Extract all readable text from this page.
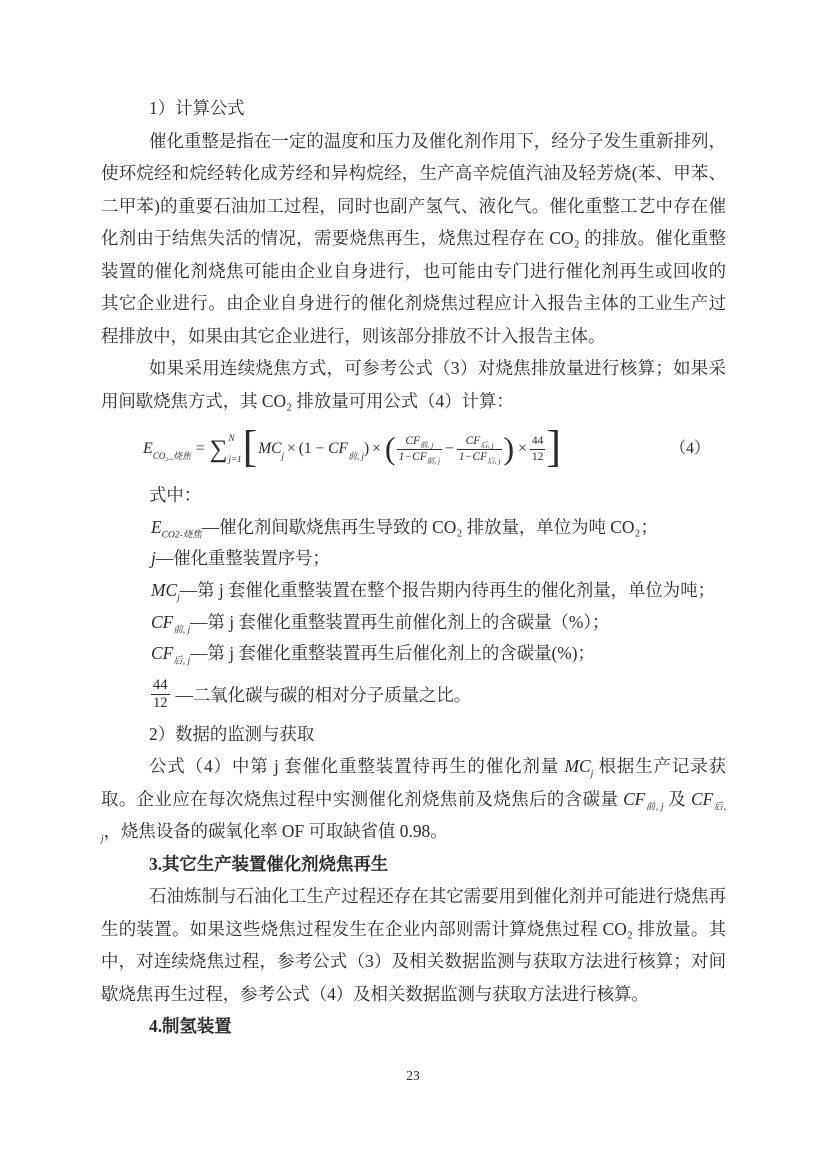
1）计算公式

催化重整是指在一定的温度和压力及催化剂作用下，经分子发生重新排列，使环烷经和烷经转化成芳经和异构烷经，生产高辛烷值汽油及轻芳烧(苯、甲苯、二甲苯)的重要石油加工过程，同时也副产氢气、液化气。催化重整工艺中存在催化剂由于结焦失活的情况，需要烧焦再生，烧焦过程存在 CO₂ 的排放。催化重整装置的催化剂烧焦可能由企业自身进行，也可能由专门进行催化剂再生或回收的其它企业进行。由企业自身进行的催化剂烧焦过程应计入报告主体的工业生产过程排放中，如果由其它企业进行，则该部分排放不计入报告主体。

如果采用连续烧焦方式，可参考公式（3）对烧焦排放量进行核算；如果采用间歇烧焦方式，其 CO₂ 排放量可用公式（4）计算：

$E_{CO_2\_烧焦}$ = ∑ N
j=1 [ $MC_j \times (1 - CF_{前, j})$ × ( $\frac{CF_{前, j}}{1-CF_{前, j}} - \frac{CF_{后, j}}{1-CF_{后, j}}$ ) × $\frac{44}{12}$ ]	（4）

式中：

$E_{CO2-烧焦}—$催化剂间歇烧焦再生导致的 CO₂ 排放量，单位为吨 CO₂；
j—催化重整装置序号；
$MC_j—$第 j 套催化重整装置在整个报告期内待再生的催化剂量，单位为吨；
$CF_{前, j}—$第 j 套催化重整装置再生前催化剂上的含碳量（%）；
$CF_{后, j}—$第 j 套催化重整装置再生后催化剂上的含碳量(%)；
$\frac{44}{12}$ —二氧化碳与碳的相对分子质量之比。

2）数据的监测与获取

公式（4）中第 j 套催化重整装置待再生的催化剂量 $MC_j$ 根据生产记录获取。企业应在每次烧焦过程中实测催化剂烧焦前及烧焦后的含碳量 $CF_{前, j}$ 及 $CF_{后, j}$，烧焦设备的碳氧化率 OF 可取缺省值 0.98。

3.其它生产装置催化剂烧焦再生

石油炼制与石油化工生产过程还存在其它需要用到催化剂并可能进行烧焦再生的装置。如果这些烧焦过程发生在企业内部则需计算烧焦过程 CO₂ 排放量。其中，对连续烧焦过程，参考公式（3）及相关数据监测与获取方法进行核算；对间歇烧焦再生过程，参考公式（4）及相关数据监测与获取方法进行核算。

4.制氢装置

23
